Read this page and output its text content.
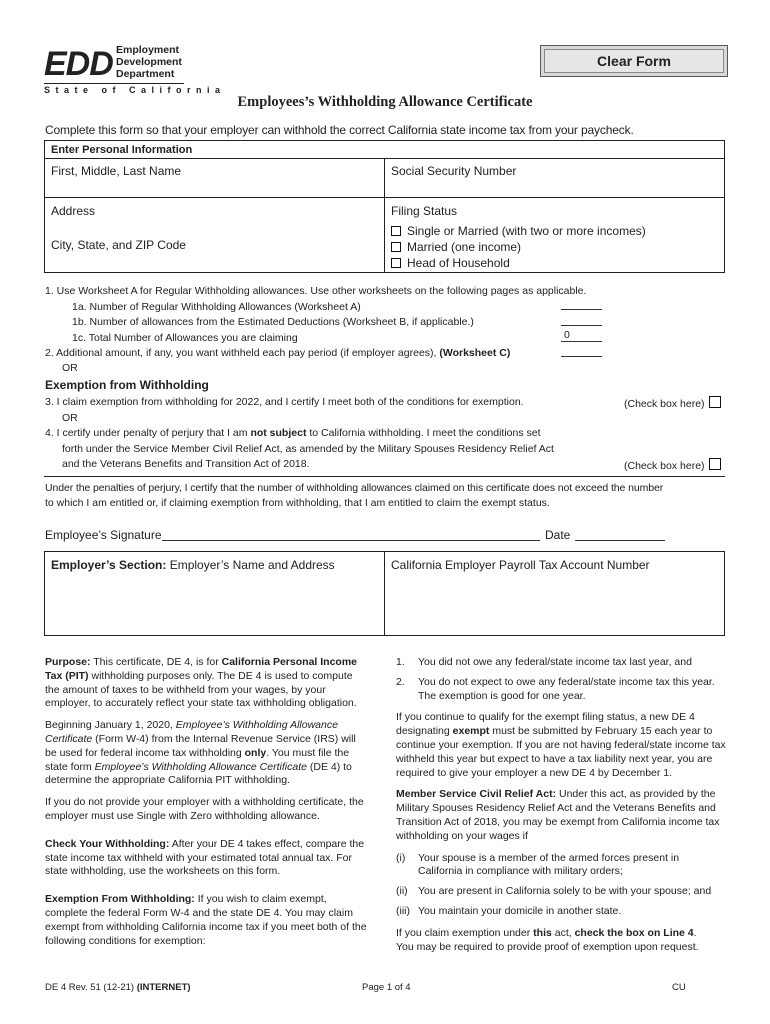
EDD Employment
Development
Department
S t a t e   o f   C a l i f o r n i a
Clear Form
Employees’s Withholding Allowance Certificate
Complete this form so that your employer can withhold the correct California state income tax from your paycheck.
Enter Personal Information
First, Middle, Last Name	Social Security Number
Address
City, State, and ZIP Code
Filing Status
Single or Married (with two or more incomes)
Married (one income)
Head of Household
1. Use Worksheet A for Regular Withholding allowances. Use other worksheets on the following pages as applicable.
1a. Number of Regular Withholding Allowances (Worksheet A)
1b. Number of allowances from the Estimated Deductions (Worksheet B, if applicable.)
1c. Total Number of Allowances you are claiming	0
2. Additional amount, if any, you want withheld each pay period (if employer agrees), (Worksheet C)
OR
Exemption from Withholding
3. I claim exemption from withholding for 2022, and I certify I meet both of the conditions for exemption.	(Check box here)
OR
4. I certify under penalty of perjury that I am not subject to California withholding. I meet the conditions set
forth under the Service Member Civil Relief Act, as amended by the Military Spouses Residency Relief Act
and the Veterans Benefits and Transition Act of 2018.	(Check box here)
Under the penalties of perjury, I certify that the number of withholding allowances claimed on this certificate does not exceed the number
to which I am entitled or, if claiming exemption from withholding, that I am entitled to claim the exempt status.
Employee’s Signature	Date
Employer’s Section: Employer’s Name and Address	California Employer Payroll Tax Account Number

Purpose: This certificate, DE 4, is for California Personal Income Tax (PIT) withholding purposes only. The DE 4 is used to compute the amount of taxes to be withheld from your wages, by your employer, to accurately reflect your state tax withholding obligation.

Beginning January 1, 2020, Employee’s Withholding Allowance Certificate (Form W-4) from the Internal Revenue Service (IRS) will be used for federal income tax withholding only. You must file the state form Employee’s Withholding Allowance Certificate (DE 4) to determine the appropriate California PIT withholding.

If you do not provide your employer with a withholding certificate, the employer must use Single with Zero withholding allowance.

Check Your Withholding: After your DE 4 takes effect, compare the state income tax withheld with your estimated total annual tax. For state withholding, use the worksheets on this form.

Exemption From Withholding: If you wish to claim exempt, complete the federal Form W-4 and the state DE 4. You may claim exempt from withholding California income tax if you meet both of the following conditions for exemption:

1. You did not owe any federal/state income tax last year, and
2. You do not expect to owe any federal/state income tax this year. The exemption is good for one year.

If you continue to qualify for the exempt filing status, a new DE 4 designating exempt must be submitted by February 15 each year to continue your exemption. If you are not having federal/state income tax withheld this year but expect to have a tax liability next year, you are required to give your employer a new DE 4 by December 1.

Member Service Civil Relief Act: Under this act, as provided by the Military Spouses Residency Relief Act and the Veterans Benefits and Transition Act of 2018, you may be exempt from California income tax withholding on your wages if

(i) Your spouse is a member of the armed forces present in California in compliance with military orders;
(ii) You are present in California solely to be with your spouse; and
(iii) You maintain your domicile in another state.

If you claim exemption under this act, check the box on Line 4.
You may be required to provide proof of exemption upon request.

DE 4 Rev. 51 (12-21) (INTERNET)	Page 1 of 4	CU
